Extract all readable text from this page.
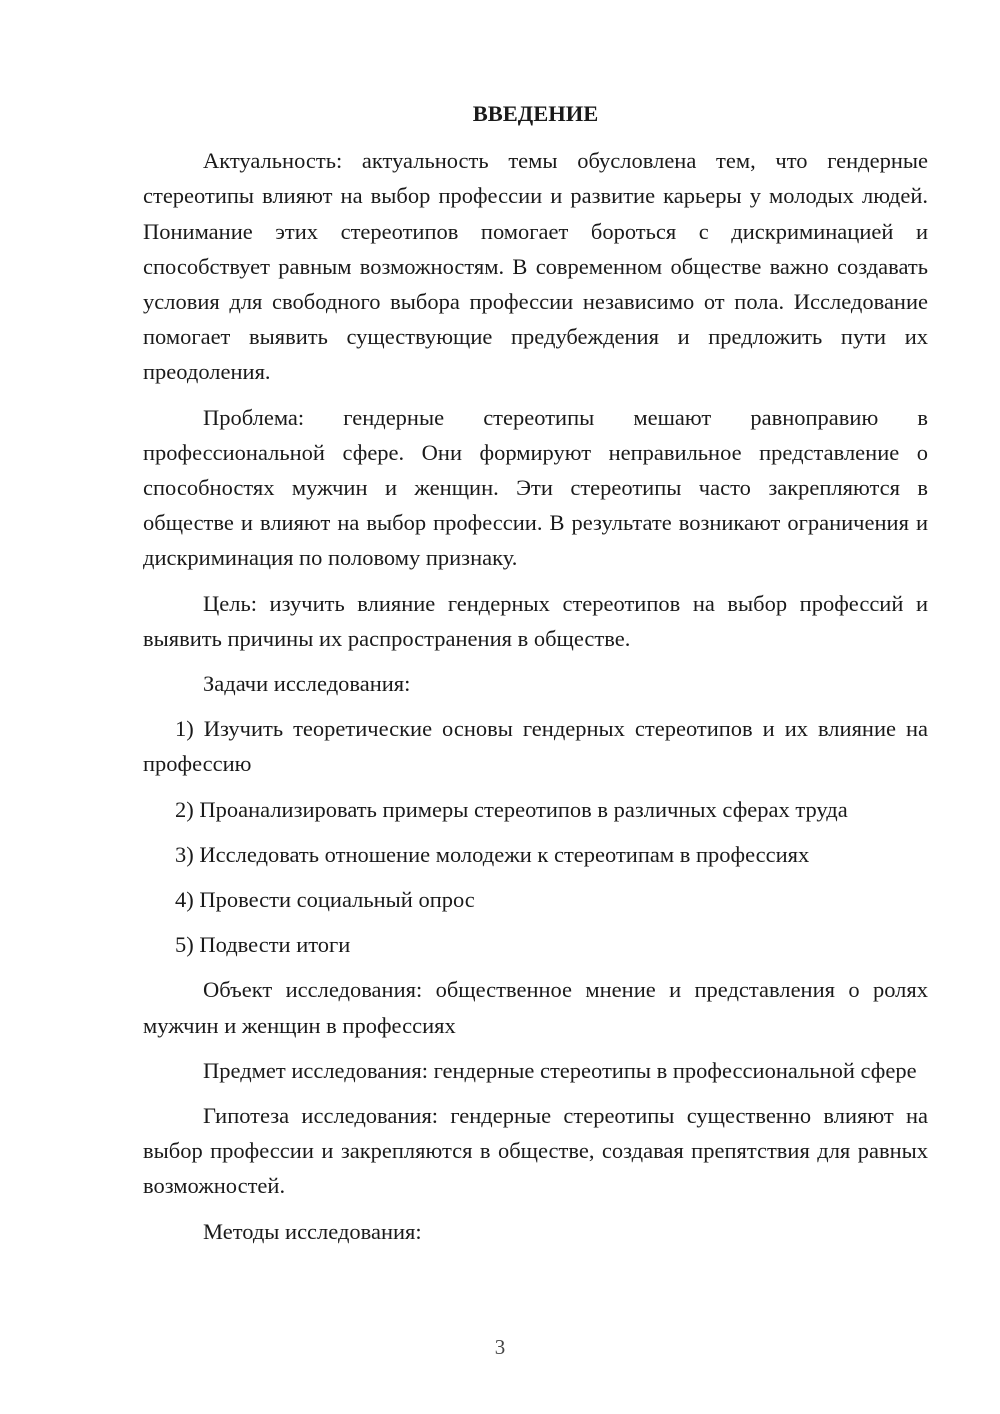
ВВЕДЕНИЕ

Актуальность: актуальность темы обусловлена тем, что гендерные стереотипы влияют на выбор профессии и развитие карьеры у молодых людей. Понимание этих стереотипов помогает бороться с дискриминацией и способствует равным возможностям. В современном обществе важно создавать условия для свободного выбора профессии независимо от пола. Исследование помогает выявить существующие предубеждения и предложить пути их преодоления.

Проблема: гендерные стереотипы мешают равноправию в профессиональной сфере. Они формируют неправильное представление о способностях мужчин и женщин. Эти стереотипы часто закрепляются в обществе и влияют на выбор профессии. В результате возникают ограничения и дискриминация по половому признаку.

Цель: изучить влияние гендерных стереотипов на выбор профессий и выявить причины их распространения в обществе.

Задачи исследования:

1) Изучить теоретические основы гендерных стереотипов и их влияние на профессию

2) Проанализировать примеры стереотипов в различных сферах труда

3) Исследовать отношение молодежи к стереотипам в профессиях

4) Провести социальный опрос

5) Подвести итоги

Объект исследования: общественное мнение и представления о ролях мужчин и женщин в профессиях

Предмет исследования: гендерные стереотипы в профессиональной сфере

Гипотеза исследования: гендерные стереотипы существенно влияют на выбор профессии и закрепляются в обществе, создавая препятствия для равных возможностей.

Методы исследования:

3
